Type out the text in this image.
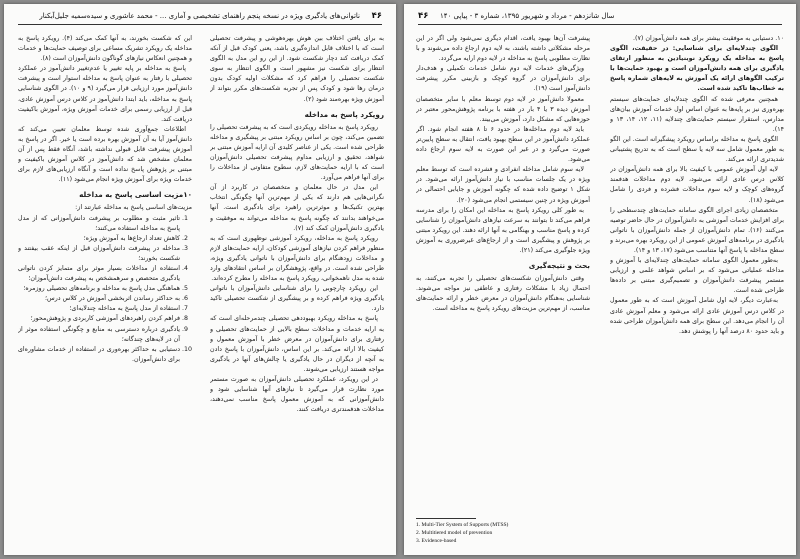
ناتوانی‌های یادگیری ویژه در نسخه پنجم راهنمای تشخیصی و آماری ... - محمد عاشوری و سیده‌سمیه جلیل‌آبکنار ۴۶

به برای یافتن اختلاف بین هوش بهره‌هوشی و پیشرفت تحصیلی است که با اختلاف قابل اندازه‌گیری باشد، یعنی کودک قبل از آنکه کمک دریافت کند دچار شکست شود. از این رو این مدل به الگوی انتظار برای شکست نیز مشهور است و الگوی انتظار به سوی شکست تحصیلی را فراهم کرد که مشکلات اولیه کودک بدون درمان رها شود و کودک پس از تجربه شکست‌های مکرر بتواند از آموزش ویژه بهره‌مند شود (۲).

رویکرد پاسخ به مداخله

رویکرد پاسخ به مداخله رویکردی است که به پیشرفت تحصیلی را تضمین می‌کند، چون بر اساس رویکرد مبتنی بر پیشگیری و مداخله طراحی شده است. یکی از عناصر کلیدی آن ارایه آموزش مبتنی بر شواهد، تحقیق و ارزیابی مداوم پیشرفت تحصیلی دانش‌آموزان است که با ارایه حمایت‌های لازم، سطوح متفاوتی از مداخلات را برای آنها فراهم می‌آورد.

این مدل در حال معلمان و متخصصان در کاربرد از آن نگرانی‌هایی هم دارند که یکی از مهم‌ترین آنها چگونگی انتخاب بهترین تکنیک‌ها و موثرترین راهبرد برای یادگیری است. آنها می‌خواهند بدانند که چگونه پاسخ به مداخله می‌تواند به موفقیت و یادگیری دانش‌آموزان کمک کند (۷).

رویکرد پاسخ به مداخله، رویکرد آموزشی نوظهوری است که به منظور فراهم کردن نیازهای آموزشی کودکان، ارایه حمایت‌های لازم و مداخلات زودهنگام برای دانش‌آموزان با ناتوانی یادگیری ویژه، طراحی شده است. در واقع، پژوهشگران بر اساس انتقادهای وارد شده به مدل ناهمخوانی، رویکرد پاسخ به مداخله را مطرح کرده‌اند.

این رویکرد چارچوبی را برای شناسایی دانش‌آموزان با ناتوانی یادگیری ویژه فراهم کرده و بر پیشگیری از شکست تحصیلی تاکید دارد.

پاسخ به مداخله رویکرد بهبوددهی تحصیلی چندمرحله‌ای است که به ارایه خدمات و مداخلات سطح بالایی از حمایت‌های تحصیلی و رفتاری برای دانش‌آموزان در معرض خطر با آموزش معمول و کیفیت بالا ارائه می‌کند. بر این اساس، دانش‌آموزان با پاسخ دادن به آنچه از دیگران در حال یادگیری یا چالش‌های آنها در یادگیری مواجه هستند ارزیابی می‌شوند.

در این رویکرد، عملکرد تحصیلی دانش‌آموزان به صورت مستمر مورد نظارت قرار می‌گیرد تا نیازهای آنها شناسایی شود و دانش‌آموزانی که به آموزش معمول پاسخ مناسب نمی‌دهند، مداخلات هدفمندتری دریافت کنند.

این که شکست بخورند، به آنها کمک می‌کند (۴). رویکرد پاسخ به مداخله یک رویکرد تشریک مساعی برای توصیف حمایت‌ها و خدمات و همچنین انعکاس نیازهای گوناگون دانش‌آموزان است (۸).

پاسخ به مداخله بر پایه تغییر یا عدم‌تغییر دانش‌آموز در عملکرد تحصیلی با رفتار به عنوان پاسخ به مداخله استوار است و پیشرفت دانش‌آموز مورد ارزیابی قرار می‌گیرد (۹ و ۱۰). در الگوی شناسایی پاسخ به مداخله، باید ابتدا دانش‌آموز در کلاس درس آموزش عادی، قبل از ارزیابی رسمی برای خدمات آموزش ویژه، آموزش باکیفیت دریافت کند.

اطلاعات جمع‌آوری شده توسط معلمان تعیین می‌کند که دانش‌آموز آیا به آن آموزش بهره برده است یا خیر. اگر در پاسخ به آموزش پیشرفت قابل قبولی نداشته باشد، آنگاه فقط پس از آن معلمان مشخص شد که دانش‌آموز در کلاس آموزش باکیفیت و مبتنی بر پژوهش پاسخ نداده است و آنگاه ارزیابی‌های لازم برای خدمات ویژه برای آموزش ویژه انجام می‌شود (۱۱).

۱۰مزیت اساسی پاسخ به مداخله

مزیت‌های اساسی پاسخ به مداخله عبارتند از:

1. تاثیر مثبت و مطلوب بر پیشرفت دانش‌آموزانی که از مدل پاسخ به مداخله استفاده می‌کنند؛
2. کاهش تعداد ارجاع‌ها به آموزش ویژه؛
3. مداخله در پیشرفت دانش‌آموزان قبل از اینکه عقب بیفتند و شکست بخورند؛
4. استفاده از مداخلات بسیار موثر برای متمایز کردن ناتوانی یادگیری متحصص و سرهمشخص به پیشرفت دانش‌آموزان؛
5. هماهنگی مدل پاسخ به مداخله و برنامه‌های تحصیلی روزمره؛
6. به حداکثر رساندن اثربخشی آموزش در کلاس درس؛
7. استفاده از مدل پاسخ به مداخله چندلایه‌ای؛
8. فراهم کردن راهبردهای آموزشی کاربردی و پژوهش‌محور؛
9. یادگیری درباره دسترسی به منابع و چگونگی استفاده موثر از آن در لایه‌های چندگانه؛
10. دستیابی به حداکثر بهره‌وری در استفاده از خدمات مشاوره‌ای برای دانش‌آموزان.
سال شانزدهم - مرداد و شهریور ۱۳۹۵، شماره ۳ - پیاپی ۱۴۰
۴۶

۱۰. دستیابی به موفقیت بیشتر برای همه دانش‌آموزان (۷).

الگوی چندلایه‌ای برای شناسایی: در حقیقت، الگوی پاسخ به مداخله یک رویکرد نوبنیادین به منظور ارتقای یادگیری برای همه دانش‌آموزان است و بهبود حمایت‌ها با ترکیب الگوهای ارائه یک آموزش به لایه‌های شماره پاسخ به خطاب‌ها تاکید شده است.

همچنین معرفی شده که الگوی چندلایه‌ای حمایت‌های سیستم بهره‌وری نیز بر پایه‌ها به عنوان اساس اول خدمات آموزش بیان‌های مدارس، استقرار سیستم حمایت‌های چندلایه (۱۱، ۱۲، ۱۴، ۱۳ و ۱۴).

الگوی پاسخ به مداخله براساس رویکرد پیشگیرانه است. این الگو به طور معمول شامل سه لایه یا سطح است که به تدریج پشتیبانی شدیدتری ارائه می‌کند.

لایه اول آموزش عمومی با کیفیت بالا برای همه دانش‌آموزان در کلاس درس عادی ارائه می‌شود، لایه دوم مداخلات هدفمند گروه‌های کوچک و لایه سوم مداخلات فشرده و فردی را شامل می‌شود (۱۸).

متخصصان زیادی اجرای الگوی سامانه حمایت‌های چندسطحی را برای افزایش خدمات آموزشی به دانش‌آموزان در حال حاضر توصیه می‌کنند (۱۶). تمام دانش‌آموزان از جمله دانش‌آموزان با ناتوانی یادگیری در برنامه‌های آموزش عمومی از این رویکرد بهره می‌برند و سطح مداخله با پاسخ آنها متناسب می‌شود (۱۷، ۱۳ و ۱۴).

به‌طور معمول الگوی سامانه حمایت‌های چندلایه‌ای با آموزش و مداخله عملیاتی می‌شود که بر اساس شواهد علمی و ارزیابی مستمر پیشرفت دانش‌آموزان و تصمیم‌گیری مبتنی بر داده‌ها طراحی شده است.

به‌عبارت دیگر، لایه اول شامل آموزش است که به طور معمول در کلاس درس آموزش عادی ارائه می‌شود و معلم آموزش عادی آن را انجام می‌دهد. این سطح برای همه دانش‌آموزان طراحی شده و باید حدود ۸۰ درصد آنها را پوشش دهد.

پیشرفت آن‌ها بهبود یافت، اقدام دیگری نمی‌شود ولی اگر در این مرحله مشکلاتی داشته باشند، به لایه دوم ارجاع داده می‌شوند و با نظارت مطلوبی پاسخ به مداخله در لایه دوم ارایه می‌گردد.

ویژگی‌های خدمات لایه دوم شامل خدمات تکمیلی و هدف‌دار برای دانش‌آموزان در گروه کوچک و بازبینی مکرر پیشرفت دانش‌آموز است (۱۹).

معمولا دانش‌آموز در لایه دوم توسط معلم با سایر متخصصان آموزش دیده ۳ یا ۴ بار در هفته با برنامه پژوهش‌محور معتبر در حوزه‌هایی که مشکل دارد، آموزش می‌بیند.

باید لایه دوم مداخله‌ها در حدود ۶ تا ۸ هفته انجام شود. اگر عملکرد دانش‌آموز در این سطح بهبود یافت، انتقال به سطح پایین‌تر صورت می‌گیرد و در غیر این صورت به لایه سوم ارجاع داده می‌شود.

لایه سوم شامل مداخله انفرادی و فشرده است که توسط معلم ویژه در یک جلسات مناسب با نیاز دانش‌آموز ارائه می‌شود. در شکل ۱ توضیح داده شده که چگونه آموزش و جایابی احتمالی در آموزش ویژه در چنین سیستمی انجام می‌شود (۲۰).

به طور کلی رویکرد پاسخ به مداخله این امکان را برای مدرسه فراهم می‌کند تا بتوانند به سرعت نیازهای دانش‌آموزان را شناسایی کرده و پاسخ مناسب و بهنگامی به آنها ارائه دهند. این رویکرد مبتنی بر پژوهش و پیشگیری است و از ارجاع‌های غیرضروری به آموزش ویژه جلوگیری می‌کند (۲۱).

بحث و نتیجه‌گیری

وقتی دانش‌آموزان شکست‌های تحصیلی را تجربه می‌کنند، به احتمال زیاد با مشکلات رفتاری و عاطفی نیز مواجه می‌شوند. شناسایی به‌هنگام دانش‌آموزان در معرض خطر و ارائه حمایت‌های مناسب، از مهم‌ترین مزیت‌های رویکرد پاسخ به مداخله است.

1. Multi-Tier System of Supports (MTSS)
2. Multitiered model of prevention
3. Evidence-based
